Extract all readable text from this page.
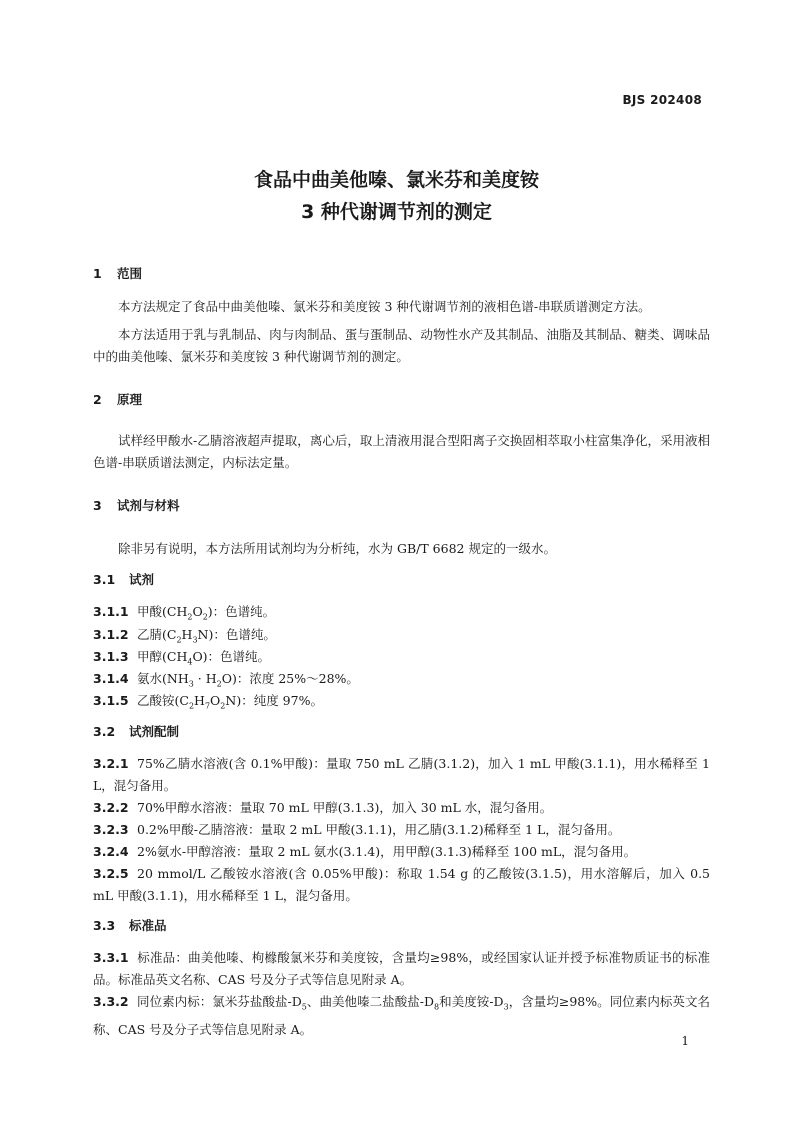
BJS 202408
食品中曲美他嗪、氯米芬和美度铵
3 种代谢调节剂的测定
1 范围
本方法规定了食品中曲美他嗪、氯米芬和美度铵 3 种代谢调节剂的液相色谱-串联质谱测定方法。
本方法适用于乳与乳制品、肉与肉制品、蛋与蛋制品、动物性水产及其制品、油脂及其制品、糖类、调味品中的曲美他嗪、氯米芬和美度铵 3 种代谢调节剂的测定。
2 原理
试样经甲酸水-乙腈溶液超声提取，离心后，取上清液用混合型阳离子交换固相萃取小柱富集净化，采用液相色谱-串联质谱法测定，内标法定量。
3 试剂与材料
除非另有说明，本方法所用试剂均为分析纯，水为 GB/T 6682 规定的一级水。
3.1 试剂
3.1.1 甲酸$(CH_2O_2)$：色谱纯。
3.1.2 乙腈$(C_2H_3N)$：色谱纯。
3.1.3 甲醇$(CH_4O)$：色谱纯。
3.1.4 氨水$(NH_3 \cdot H_2O)$：浓度 25%～28%。
3.1.5 乙酸铵$(C_2H_7O_2N)$：纯度 97%。
3.2 试剂配制
3.2.1 75%乙腈水溶液(含 0.1%甲酸)：量取 750 mL 乙腈(3.1.2)，加入 1 mL 甲酸(3.1.1)，用水稀释至 1 L，混匀备用。
3.2.2 70%甲醇水溶液：量取 70 mL 甲醇(3.1.3)，加入 30 mL 水，混匀备用。
3.2.3 0.2%甲酸-乙腈溶液：量取 2 mL 甲酸(3.1.1)，用乙腈(3.1.2)稀释至 1 L，混匀备用。
3.2.4 2%氨水-甲醇溶液：量取 2 mL 氨水(3.1.4)，用甲醇(3.1.3)稀释至 100 mL，混匀备用。
3.2.5 20 mmol/L 乙酸铵水溶液(含 0.05%甲酸)：称取 1.54 g 的乙酸铵(3.1.5)，用水溶解后，加入 0.5 mL 甲酸(3.1.1)，用水稀释至 1 L，混匀备用。
3.3 标准品
3.3.1 标准品：曲美他嗪、枸橼酸氯米芬和美度铵，含量均≥98%，或经国家认证并授予标准物质证书的标准品。标准品英文名称、CAS 号及分子式等信息见附录 A。
3.3.2 同位素内标：氯米芬盐酸盐$-D_5$、曲美他嗪二盐酸盐$-D_8$和美度铵$-D_3$，含量均≥98%。同位素内标英文名称、CAS 号及分子式等信息见附录 A。
1
